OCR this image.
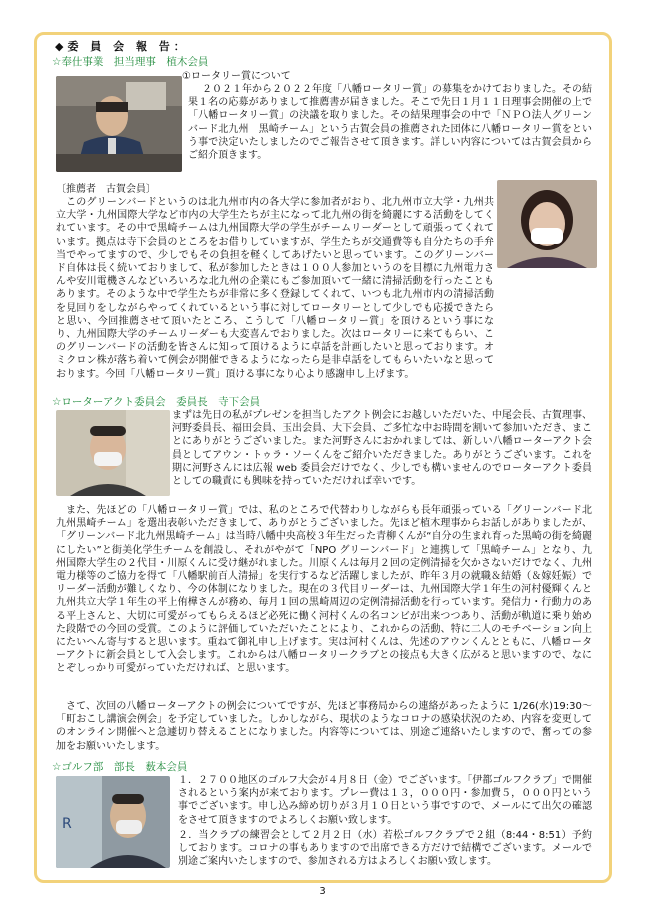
◆委 員 会 報 告：
☆奉仕事業　担当理事　植木会員
①ロータリー賞について
２０２１年から２０２２年度「八幡ロータリー賞」の募集をかけておりました。その結果１名の応募がありまして推薦書が届きました。そこで先日１月１１日理事会開催の上で「八幡ロータリー賞」の決議を取りました。その結果理事会の中で「ＮＰＯ法人グリーンバード北九州　黒崎チーム」という古賀会員の推薦された団体に八幡ロータリー賞をという事で決定いたしましたのでご報告させて頂きます。詳しい内容については古賀会員からご紹介頂きます。
〔推薦者　古賀会員〕
このグリーンバードというのは北九州市内の各大学に参加者がおり、北九州市立大学・九州共立大学・九州国際大学など市内の大学生たちが主になって北九州の街を綺麗にする活動をしてくれています。その中で黒崎チームは九州国際大学の学生がチームリーダーとして頑張ってくれています。拠点は寺下会員のところをお借りしていますが、学生たちが交通費等も自分たちの手弁当でやってますので、少しでもその負担を軽くしてあげたいと思っています。このグリーンバード自体は長く続いておりまして、私が参加したときは１００人参加というのを目標に九州電力さんや安川電機さんなどいろいろな北九州の企業にもご参加頂いて一緒に清掃活動を行ったこともあります。そのような中で学生たちが非常に多く登録してくれて、いつも北九州市内の清掃活動を見回りをしながらやってくれているという事に対してロータリーとして少しでも応援できたらと思い、今回推薦させて頂いたところ、こうして「八幡ロータリー賞」を頂けるという事になり、九州国際大学のチームリーダーも大変喜んでおりました。次はロータリーに来てもらい、このグリーンバードの活動を皆さんに知って頂けるように卓話を計画したいと思っております。オミクロン株が落ち着いて例会が開催できるようになったら是非卓話をしてもらいたいなと思っております。今回「八幡ロータリー賞」頂ける事になり心より感謝申し上げます。
☆ローターアクト委員会　委員長　寺下会員
まずは先日の私がプレゼンを担当したアクト例会にお越しいただいた、中尾会長、古賀理事、河野委員長、福田会員、玉出会員、大下会員、ご多忙な中お時間を割いて参加いただき、まことにありがとうございました。また河野さんにおかれましては、新しい八幡ローターアクト会員としてアウン・トゥラ・ソーくんをご紹介いただきました。ありがとうございます。これを期に河野さんには広報 web 委員会だけでなく、少しでも構いませんのでローターアクト委員としての職責にも興味を持っていただければ幸いです。
また、先ほどの「八幡ロータリー賞」では、私のところで代替わりしながらも長年頑張っている「グリーンバード北九州黒崎チーム」を選出表彰いただきまして、ありがとうございました。先ほど植木理事からお話しがありましたが、「グリーンバード北九州黒崎チーム」は当時八幡中央高校３年生だった青柳くんが“自分の生まれ育った黒崎の街を綺麗にしたい”と街美化学生チームを創設し、それがやがて「NPO グリーンバード」と連携して「黒崎チーム」となり、九州国際大学生の２代目・川原くんに受け継がれました。川原くんは毎月２回の定例清掃を欠かさないだけでなく、九州電力様等のご協力を得て「八幡駅前百人清掃」を実行するなど活躍しましたが、昨年３月の就職＆結婚（＆嫁妊娠）でリーダー活動が難しくなり、今の体制になりました。現在の３代目リーダーは、九州国際大学１年生の河村優輝くんと九州共立大学１年生の平上侑樺さんが務め、毎月１回の黒崎周辺の定例清掃活動を行っています。発信力・行動力のある平上さんと、大切に可愛がってもらえるほど必死に働く河村くんの名コンビが出来つつあり、活動が軌道に乗り始めた段階での今回の受賞。このように評価していただいたことにより、これからの活動、特に二人のモチベーション向上にたいへん寄与すると思います。重ねて御礼申し上げます。実は河村くんは、先述のアウンくんとともに、八幡ローターアクトに新会員として入会します。これからは八幡ロータリークラブとの接点も大きく広がると思いますので、なにとぞしっかり可愛がっていただければ、と思います。
さて、次回の八幡ローターアクトの例会についてですが、先ほど事務局からの連絡があったように 1/26(水)19:30～「町おこし講演会例会」を予定していました。しかしながら、現状のようなコロナの感染状況のため、内容を変更してのオンライン開催へと急遽切り替えることになりました。内容等については、別途ご連絡いたしますので、奮っての参加をお願いいたします。
☆ゴルフ部　部長　薮本会員
R
１．２７００地区のゴルフ大会が４月８日（金）でございます。「伊都ゴルフクラブ」で開催されるという案内が来ております。プレー費は１３，０００円・参加費５，０００円という事でございます。申し込み締め切りが３月１０日という事ですので、メールにて出欠の確認をさせて頂きますのでよろしくお願い致します。
２．当クラブの練習会として２月２日（水）若松ゴルフクラブで２組（8:44・8:51）予約しております。コロナの事もありますので出席できる方だけで結構でございます。メールで別途ご案内いたしますので、参加される方はよろしくお願い致します。
3
